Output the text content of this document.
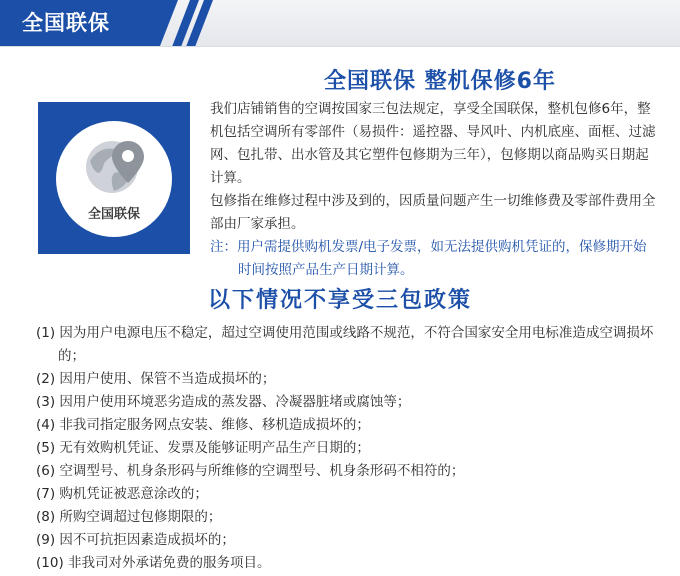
全国联保
全国联保
全国联保 整机保修6年
我们店铺销售的空调按国家三包法规定，享受全国联保，整机包修6年，整机包括空调所有零部件（易损件：遥控器、导风叶、内机底座、面框、过滤网、包扎带、出水管及其它塑件包修期为三年），包修期以商品购买日期起计算。
包修指在维修过程中涉及到的，因质量问题产生一切维修费及零部件费用全部由厂家承担。
注：用户需提供购机发票/电子发票，如无法提供购机凭证的，保修期开始时间按照产品生产日期计算。
以下情况不享受三包政策
(1) 因为用户电源电压不稳定，超过空调使用范围或线路不规范，不符合国家安全用电标准造成空调损坏的；
(2) 因用户使用、保管不当造成损坏的；
(3) 因用户使用环境恶劣造成的蒸发器、冷凝器脏堵或腐蚀等；
(4) 非我司指定服务网点安装、维修、移机造成损坏的；
(5) 无有效购机凭证、发票及能够证明产品生产日期的；
(6) 空调型号、机身条形码与所维修的空调型号、机身条形码不相符的；
(7) 购机凭证被恶意涂改的；
(8) 所购空调超过包修期限的；
(9) 因不可抗拒因素造成损坏的；
(10) 非我司对外承诺免费的服务项目。
